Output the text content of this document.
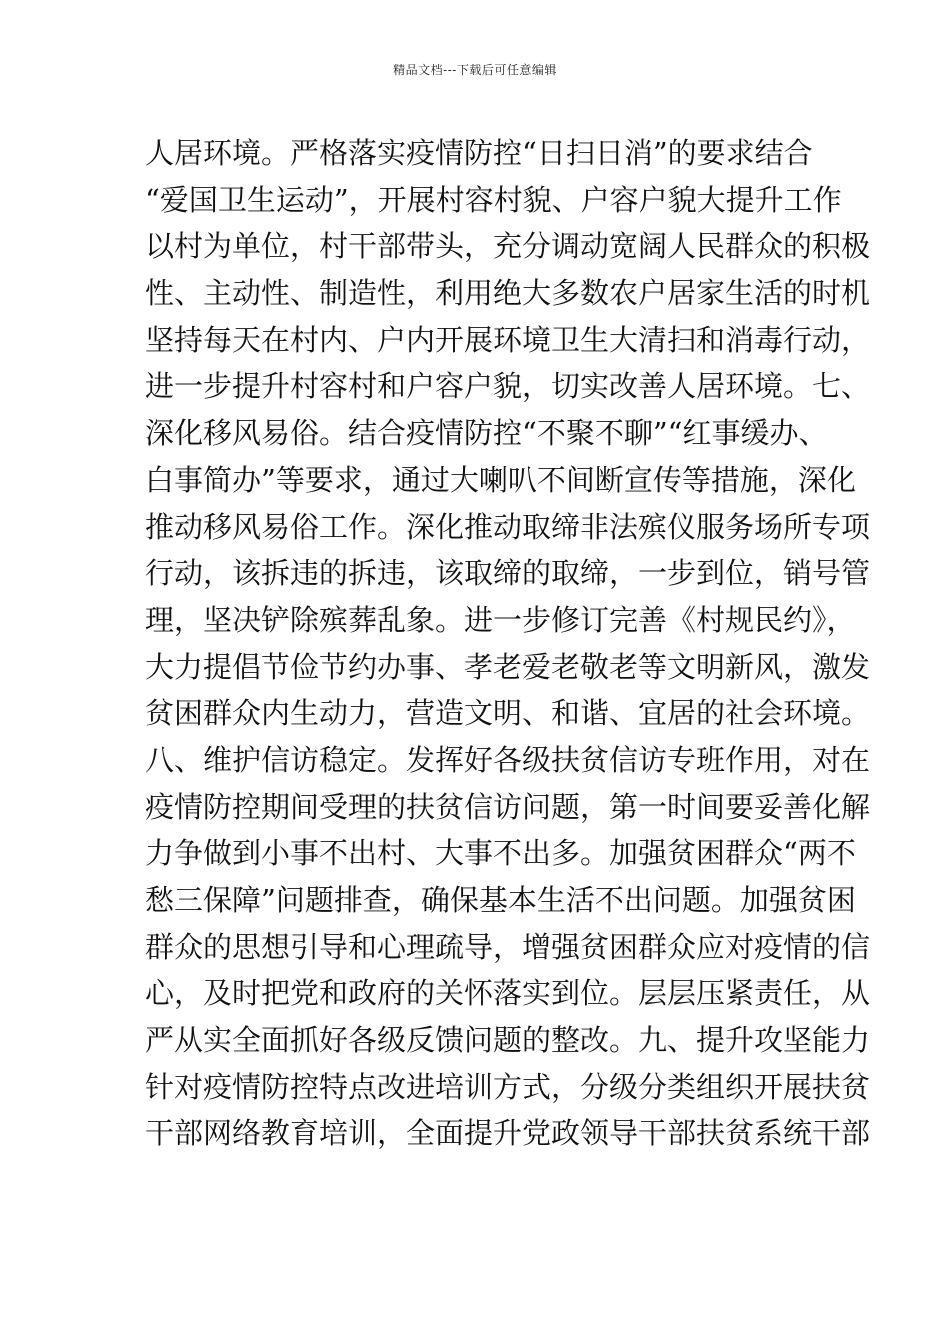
精品文档---下载后可任意编辑
人居环境。严格落实疫情防控“日扫日消”的要求结合
“爱国卫生运动”，开展村容村貌、户容户貌大提升工作
以村为单位，村干部带头，充分调动宽阔人民群众的积极
性、主动性、制造性，利用绝大多数农户居家生活的时机
坚持每天在村内、户内开展环境卫生大清扫和消毒行动，
进一步提升村容村和户容户貌，切实改善人居环境。七、
深化移风易俗。结合疫情防控“不聚不聊”“红事缓办、
白事简办”等要求，通过大喇叭不间断宣传等措施，深化
推动移风易俗工作。深化推动取缔非法殡仪服务场所专项
行动，该拆违的拆违，该取缔的取缔，一步到位，销号管
理，坚决铲除殡葬乱象。进一步修订完善《村规民约》，
大力提倡节俭节约办事、孝老爱老敬老等文明新风，激发
贫困群众内生动力，营造文明、和谐、宜居的社会环境。
八、维护信访稳定。发挥好各级扶贫信访专班作用，对在
疫情防控期间受理的扶贫信访问题，第一时间要妥善化解
力争做到小事不出村、大事不出多。加强贫困群众“两不
愁三保障”问题排查，确保基本生活不出问题。加强贫困
群众的思想引导和心理疏导，增强贫困群众应对疫情的信
心，及时把党和政府的关怀落实到位。层层压紧责任，从
严从实全面抓好各级反馈问题的整改。九、提升攻坚能力
针对疫情防控特点改进培训方式，分级分类组织开展扶贫
干部网络教育培训，全面提升党政领导干部扶贫系统干部
